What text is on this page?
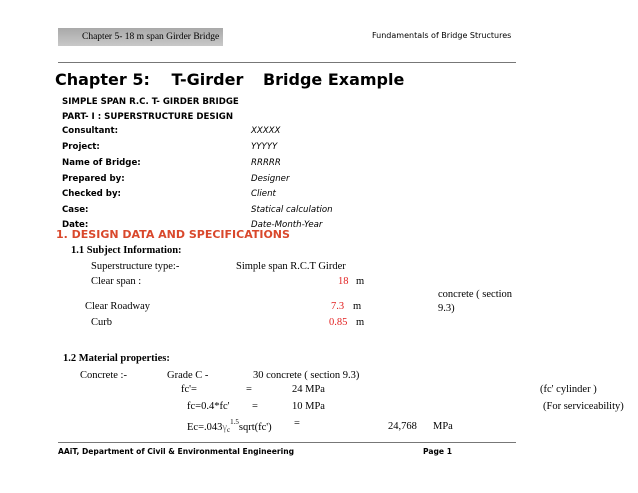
Chapter 5- 18 m span Girder Bridge	Fundamentals of Bridge Structures
Chapter 5: T-Girder Bridge Example
SIMPLE SPAN R.C. T- GIRDER BRIDGE
PART- I : SUPERSTRUCTURE DESIGN
Consultant:	XXXXX
Project:	YYYYY
Name of Bridge:	RRRRR
Prepared by:	Designer
Checked by:	Client
Case:	Statical calculation
Date:	Date-Month-Year
1. DESIGN DATA AND SPECIFICATIONS
1.1 Subject Information:
Superstructure type:-	Simple span R.C.T Girder
Clear span :	18 m
concrete ( section
9.3)
Clear Roadway	7.3 m
Curb	0.85 m
1.2 Material properties:
Concrete :-	Grade C -	30 concrete ( section 9.3)
fc'=	=	24 MPa	(fc' cylinder )
fc=0.4*fc' =	10 MPa	(For serviceability)
$Ec=.043\gamma_c^{1.5}sqrt(fc')$ =	24,768 MPa
AAiT, Department of Civil & Environmental Engineering	Page 1
